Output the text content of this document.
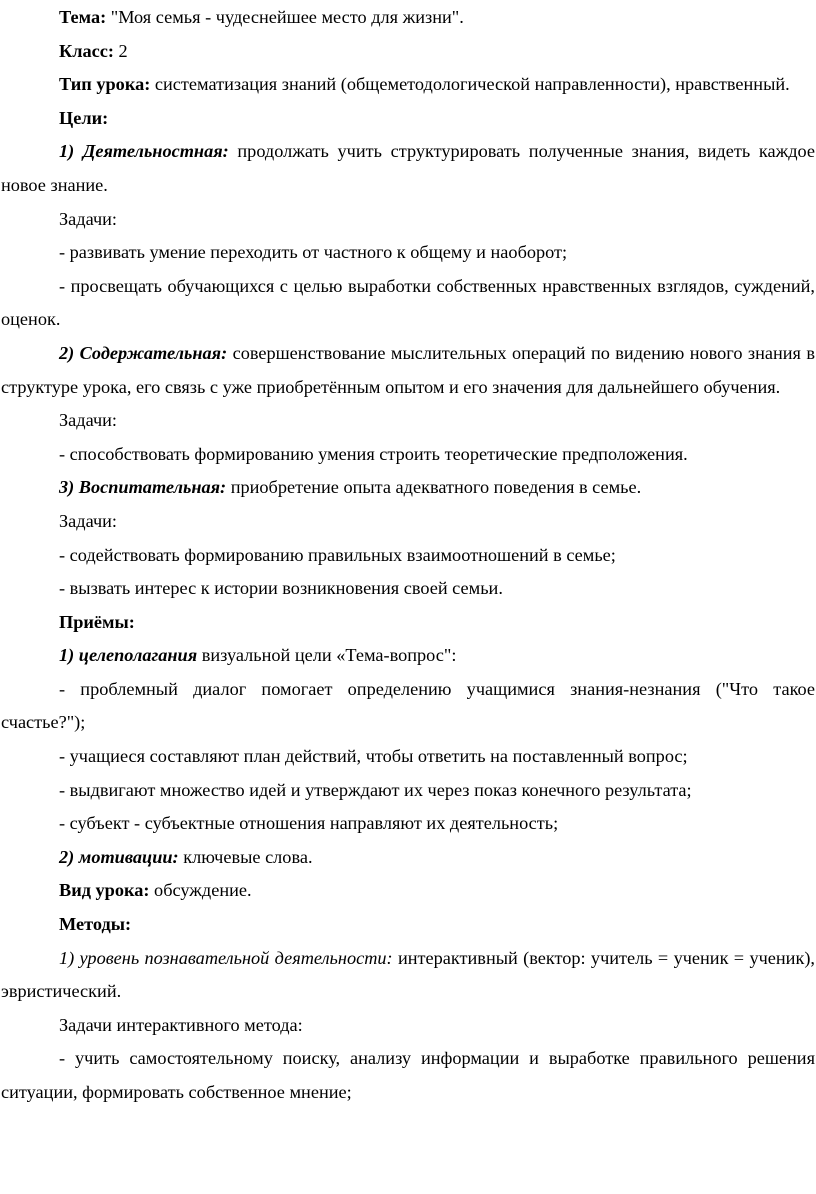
Тема: "Моя семья - чудеснейшее место для жизни".

Класс: 2

Тип урока: систематизация знаний (общеметодологической направленности), нравственный.

Цели:

1) Деятельностная: продолжать учить структурировать полученные знания, видеть каждое новое знание.

Задачи:

- развивать умение переходить от частного к общему и наоборот;

- просвещать обучающихся с целью выработки собственных нравственных взглядов, суждений, оценок.

2) Содержательная: совершенствование мыслительных операций по видению нового знания в структуре урока, его связь с уже приобретённым опытом и его значения для дальнейшего обучения.

Задачи:

- способствовать формированию умения строить теоретические предположения.

3) Воспитательная: приобретение опыта адекватного поведения в семье.

Задачи:

- содействовать формированию правильных взаимоотношений в семье;

- вызвать интерес к истории возникновения своей семьи.

Приёмы:

1) целеполагания визуальной цели «Тема-вопрос":

- проблемный диалог помогает определению учащимися знания-незнания ("Что такое счастье?");

- учащиеся составляют план действий, чтобы ответить на поставленный вопрос;

- выдвигают множество идей и утверждают их через показ конечного результата;

- субъект - субъектные отношения направляют их деятельность;

2) мотивации: ключевые слова.

Вид урока: обсуждение.

Методы:

1) уровень познавательной деятельности: интерактивный (вектор: учитель = ученик = ученик), эвристический.

Задачи интерактивного метода:

- учить самостоятельному поиску, анализу информации и выработке правильного решения ситуации, формировать собственное мнение;
